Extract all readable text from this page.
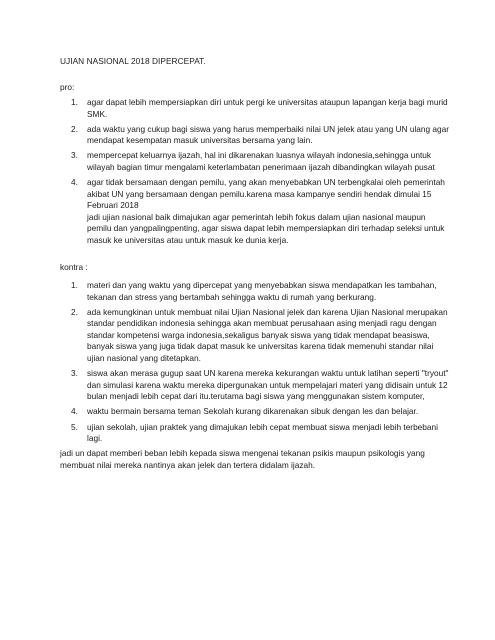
UJIAN NASIONAL 2018 DIPERCEPAT.
pro:
1. agar dapat lebih mempersiapkan diri untuk pergi ke universitas ataupun lapangan kerja bagi murid SMK.
2. ada waktu yang cukup bagi siswa yang harus memperbaiki nilai UN jelek atau yang UN ulang agar mendapat kesempatan masuk universitas bersama yang lain.
3. mempercepat keluarnya ijazah, hal ini dikarenakan luasnya wilayah indonesia,sehingga untuk wilayah bagian timur mengalami keterlambatan penerimaan ijazah dibandingkan wilayah pusat
4. agar tidak bersamaan dengan pemilu, yang akan menyebabkan UN terbengkalai oleh pemerintah akibat UN yang bersamaan dengan pemilu.karena masa kampanye sendiri hendak dimulai 15 Februari 2018
jadi ujian nasional baik dimajukan agar pemerintah lebih fokus dalam ujian nasional maupun pemilu dan yangpalingpenting, agar siswa dapat lebih mempersiapkan diri terhadap seleksi untuk masuk ke universitas atau untuk masuk ke dunia kerja.
kontra :
1. materi dan yang waktu yang dipercepat yang menyebabkan siswa mendapatkan les tambahan, tekanan dan stress yang bertambah sehingga waktu di rumah yang berkurang.
2. ada kemungkinan untuk membuat nilai Ujian Nasional jelek dan karena Ujian Nasional merupakan standar pendidikan indonesia sehingga akan membuat perusahaan asing menjadi ragu dengan standar kompetensi warga indonesia,sekaligus banyak siswa yang tidak mendapat beasiswa, banyak siswa yang juga tidak dapat masuk ke universitas karena tidak memenuhi standar nilai ujian nasional yang ditetapkan.
3. siswa akan merasa gugup saat UN karena mereka kekurangan waktu untuk latihan seperti "tryout" dan simulasi karena waktu mereka dipergunakan untuk mempelajari materi yang didisain untuk 12 bulan menjadi lebih cepat dari itu.terutama bagi siswa yang menggunakan sistem komputer,
4. waktu bermain bersama teman Sekolah kurang dikarenakan sibuk dengan les dan belajar.
5. ujian sekolah, ujian praktek yang dimajukan lebih cepat membuat siswa menjadi lebih terbebani lagi.
jadi un dapat memberi beban lebih kepada siswa mengenai tekanan psikis maupun psikologis yang membuat nilai mereka nantinya akan jelek dan tertera didalam ijazah.
